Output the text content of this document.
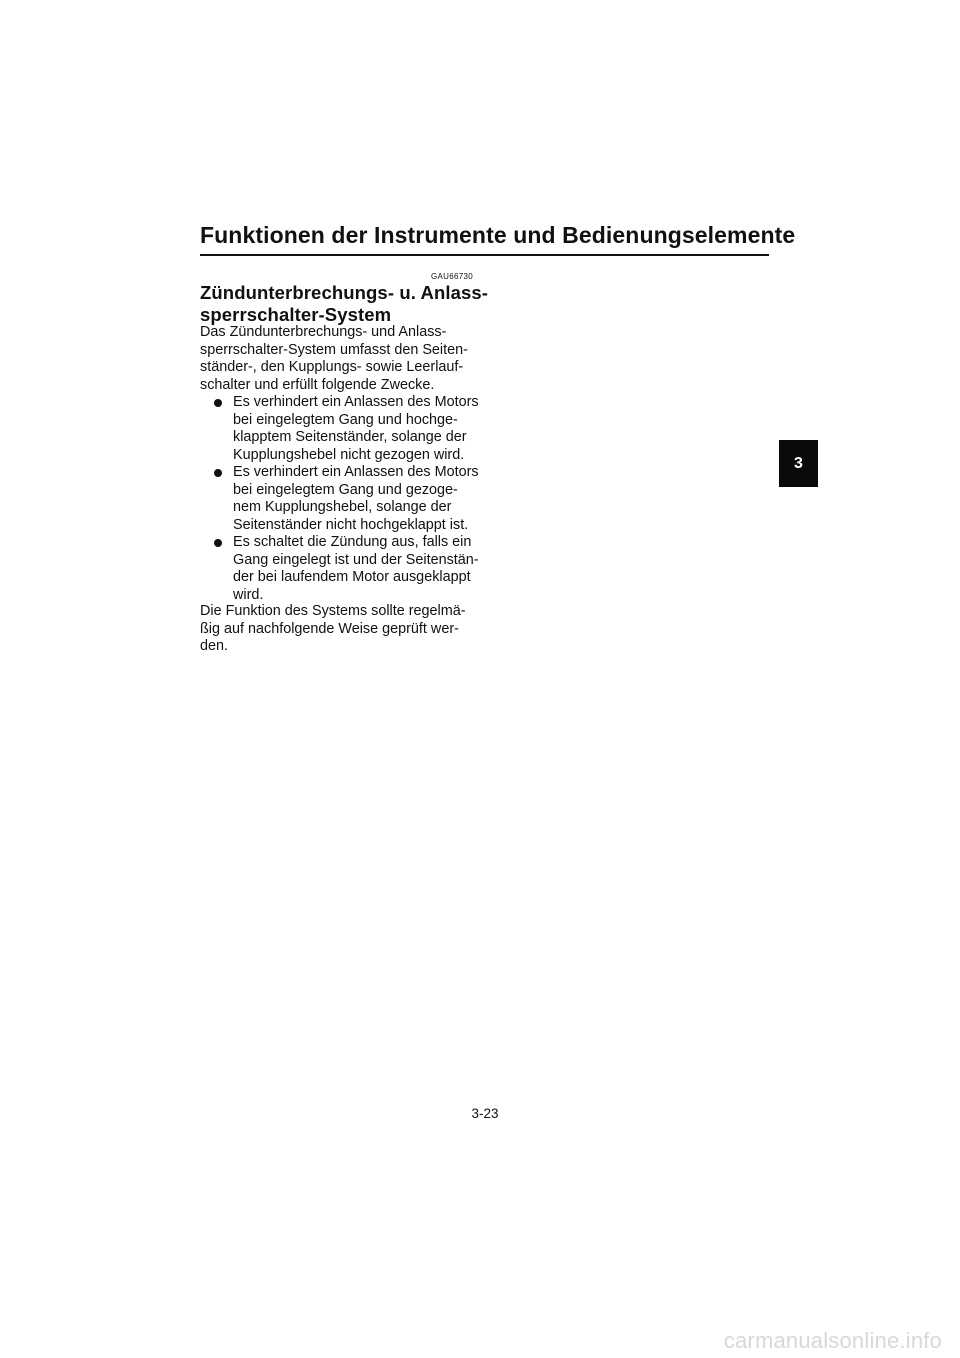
Funktionen der Instrumente und Bedienungselemente
GAU66730
Zündunterbrechungs- u. Anlass-
sperrschalter-System
Das Zündunterbrechungs- und Anlass-
sperrschalter-System umfasst den Seiten-
ständer-, den Kupplungs- sowie Leerlauf-
schalter und erfüllt folgende Zwecke.
Es verhindert ein Anlassen des Motors
bei eingelegtem Gang und hochge-
klapptem Seitenständer, solange der
Kupplungshebel nicht gezogen wird.
Es verhindert ein Anlassen des Motors
bei eingelegtem Gang und gezoge-
nem Kupplungshebel, solange der
Seitenständer nicht hochgeklappt ist.
Es schaltet die Zündung aus, falls ein
Gang eingelegt ist und der Seitenstän-
der bei laufendem Motor ausgeklappt
wird.
Die Funktion des Systems sollte regelmä-
ßig auf nachfolgende Weise geprüft wer-
den.
3
3-23
carmanualsonline.info
